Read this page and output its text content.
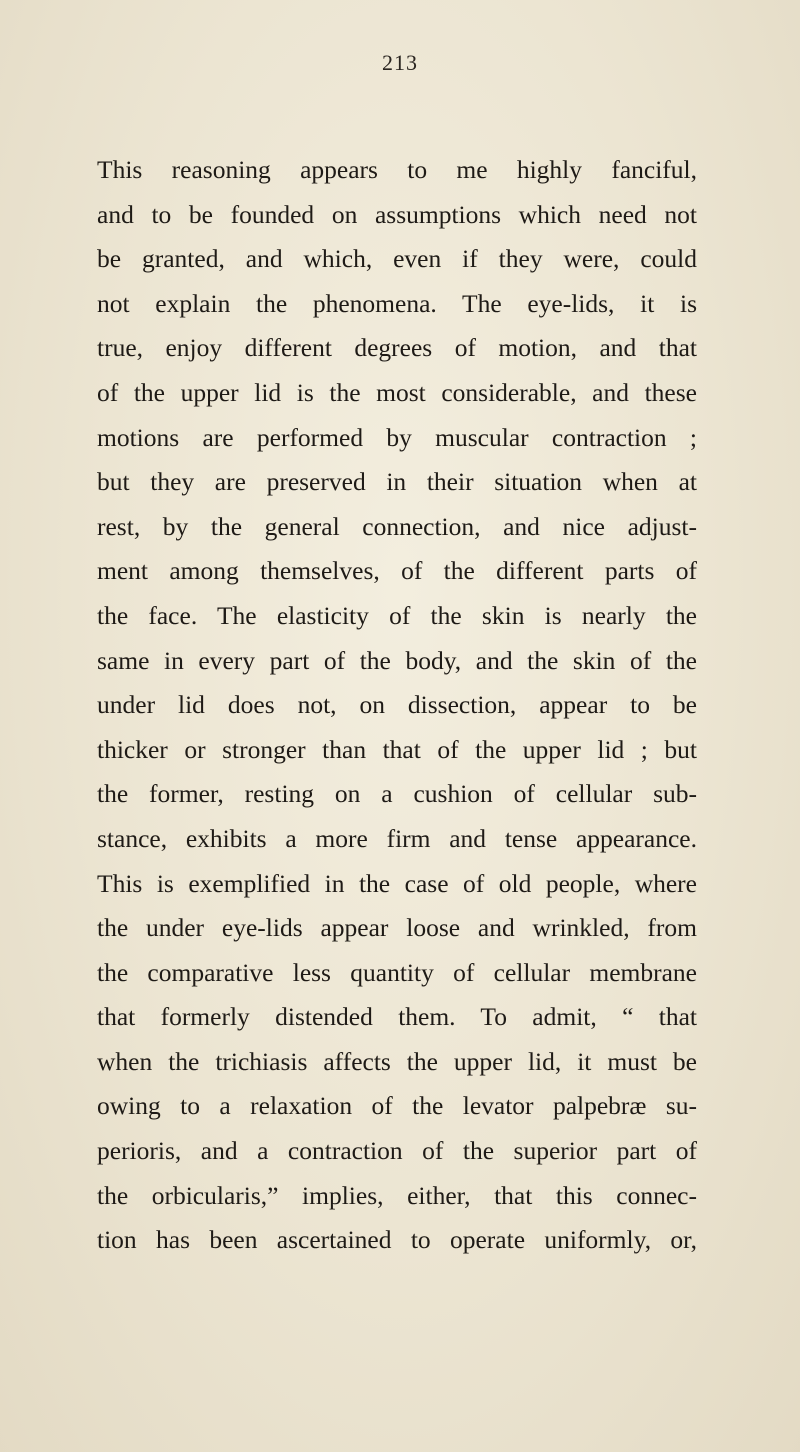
213
This reasoning appears to me highly fanciful,
and to be founded on assumptions which need not
be granted, and which, even if they were, could
not explain the phenomena. The eye-lids, it is
true, enjoy different degrees of motion, and that
of the upper lid is the most considerable, and these
motions are performed by muscular contraction ;
but they are preserved in their situation when at
rest, by the general connection, and nice adjust-
ment among themselves, of the different parts of
the face. The elasticity of the skin is nearly the
same in every part of the body, and the skin of the
under lid does not, on dissection, appear to be
thicker or stronger than that of the upper lid ; but
the former, resting on a cushion of cellular sub-
stance, exhibits a more firm and tense appearance.
This is exemplified in the case of old people, where
the under eye-lids appear loose and wrinkled, from
the comparative less quantity of cellular membrane
that formerly distended them. To admit, “ that
when the trichiasis affects the upper lid, it must be
owing to a relaxation of the levator palpebræ su-
perioris, and a contraction of the superior part of
the orbicularis,” implies, either, that this connec-
tion has been ascertained to operate uniformly, or,
